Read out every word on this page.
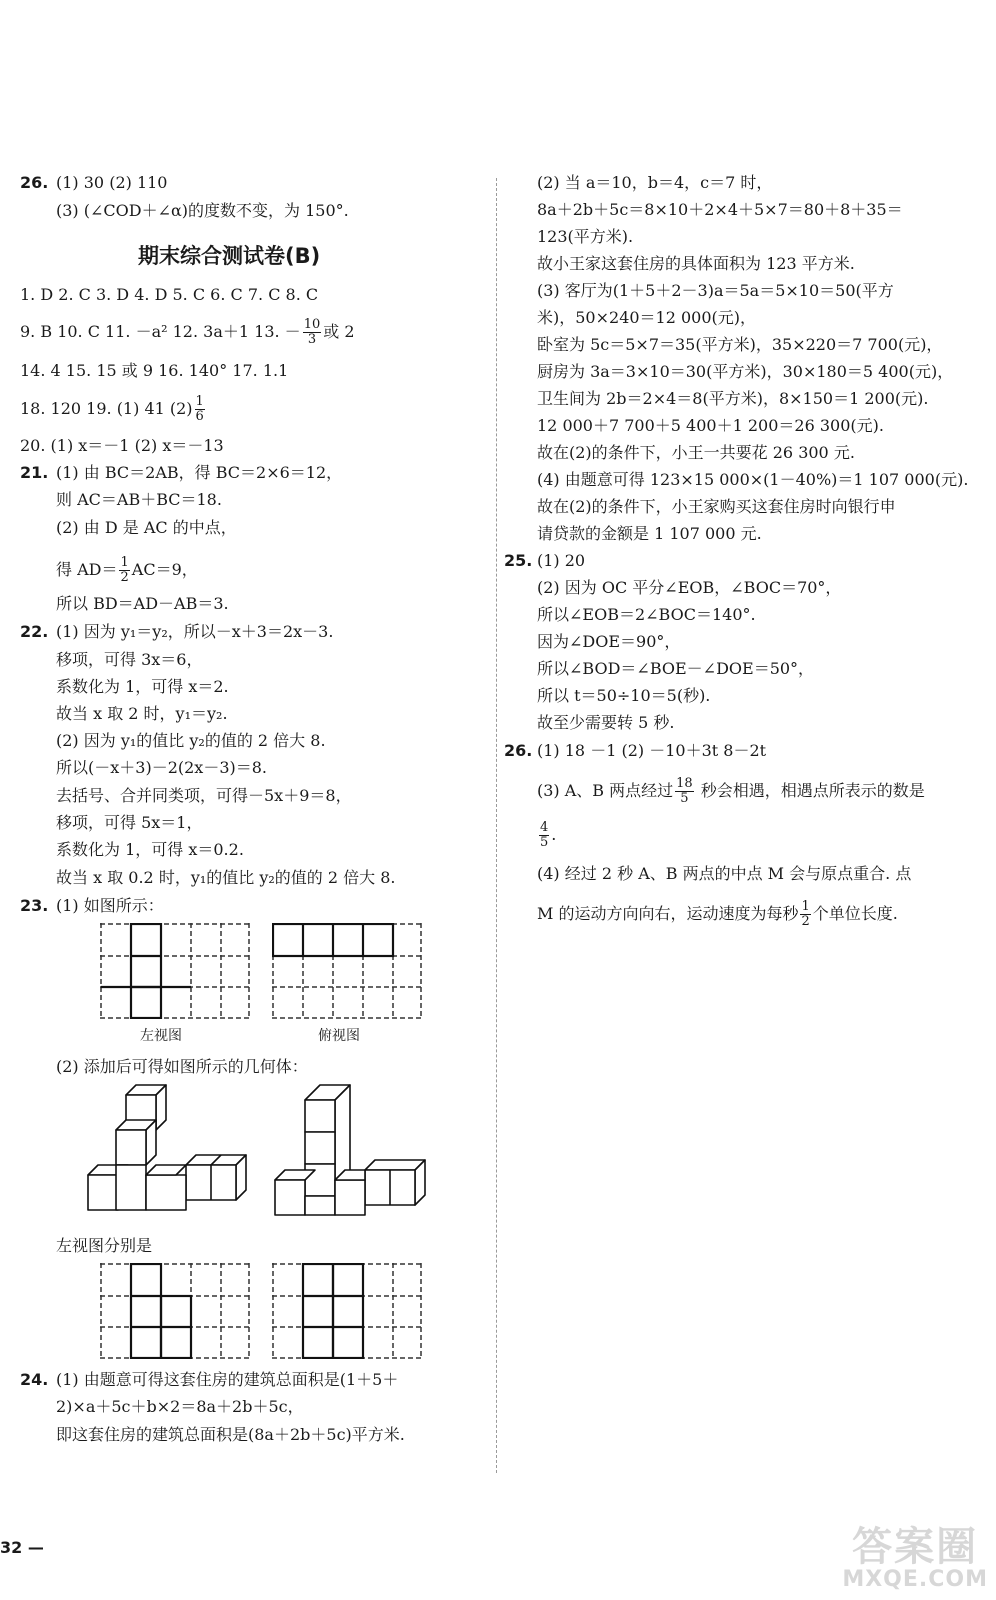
26. (1) 30 (2) 110
(3) (∠COD＋∠α)的度数不变，为 150°.
期末综合测试卷(B)
1. D 2. C 3. D 4. D 5. C 6. C 7. C 8. C
9. B 10. C 11. －a² 12. 3a＋1 13. － $\frac{10}{3}$ 或 2
14. 4 15. 15 或 9 16. 140° 17. 1.1
18. 120 19. (1) 41 $(2) \frac{1}{6}$
20. (1) x＝－1 (2) x＝－13
21. (1) 由 BC＝2AB，得 BC＝2×6＝12，
则 AC＝AB＋BC＝18.
(2) 由 D 是 AC 的中点，
得 $AD= \frac{1}{2} AC=9$，
所以 BD＝AD－AB＝3.
22. (1) 因为 y₁＝y₂，所以－x＋3＝2x－3.
移项，可得 3x＝6，
系数化为 1，可得 x＝2.
故当 x 取 2 时，y₁＝y₂.
(2) 因为 y₁的值比 y₂的值的 2 倍大 8.
所以(－x＋3)－2(2x－3)＝8.
去括号、合并同类项，可得－5x＋9＝8，
移项，可得 5x＝1，
系数化为 1，可得 x＝0.2.
故当 x 取 0.2 时，y₁的值比 y₂的值的 2 倍大 8.
23. (1) 如图所示：
左视图	俯视图
(2) 添加后可得如图所示的几何体：
左视图分别是
24. (1) 由题意可得这套住房的建筑总面积是(1＋5＋
2)×a＋5c＋b×2＝8a＋2b＋5c，
即这套住房的建筑总面积是(8a＋2b＋5c)平方米.
(2) 当 a＝10，b＝4，c＝7 时，
8a＋2b＋5c＝8×10＋2×4＋5×7＝80＋8＋35＝
123(平方米).
故小王家这套住房的具体面积为 123 平方米.
(3) 客厅为(1＋5＋2－3)a＝5a＝5×10＝50(平方
米)，50×240＝12 000(元)，
卧室为 5c＝5×7＝35(平方米)，35×220＝7 700(元)，
厨房为 3a＝3×10＝30(平方米)，30×180＝5 400(元)，
卫生间为 2b＝2×4＝8(平方米)，8×150＝1 200(元).
12 000＋7 700＋5 400＋1 200＝26 300(元).
故在(2)的条件下，小王一共要花 26 300 元.
(4) 由题意可得 123×15 000×(1－40%)＝1 107 000(元).
故在(2)的条件下，小王家购买这套住房时向银行申
请贷款的金额是 1 107 000 元.
25. (1) 20
(2) 因为 OC 平分∠EOB，∠BOC＝70°，
所以∠EOB＝2∠BOC＝140°.
因为∠DOE＝90°，
所以∠BOD＝∠BOE－∠DOE＝50°，
所以 t＝50÷10＝5(秒).
故至少需要转 5 秒.
26. (1) 18 －1 (2) －10＋3t 8－2t
(3) A、B 两点经过 $\frac{18}{5}$ 秒会相遇，相遇点所表示的数是
$\frac{4}{5}$ .
(4) 经过 2 秒 A、B 两点的中点 M 会与原点重合. 点
M 的运动方向向右，运动速度为每秒 $\frac{1}{2}$ 个单位长度.
32 —	答案圈
MXQE.COM
